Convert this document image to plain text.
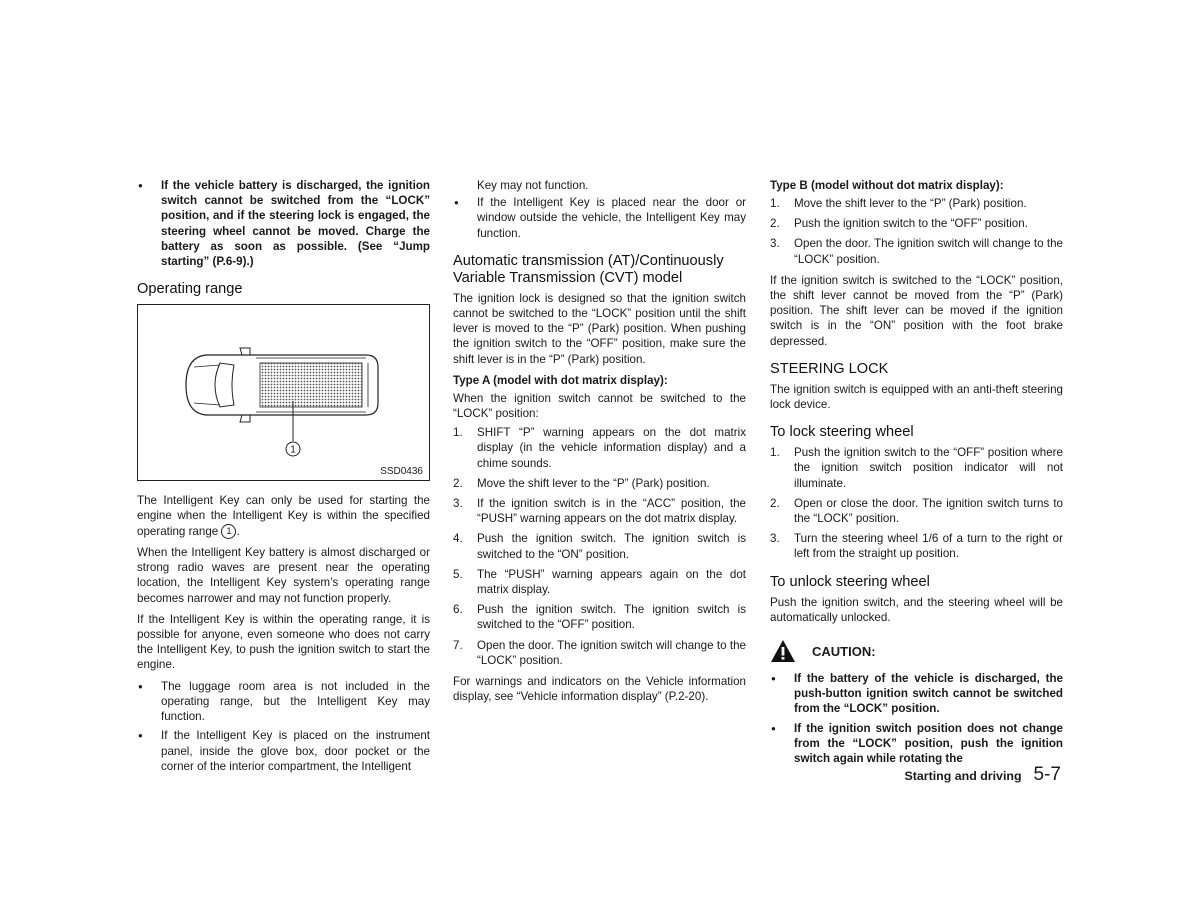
● If the vehicle battery is discharged, the ignition switch cannot be switched from the “LOCK” position, and if the steering lock is engaged, the steering wheel cannot be moved. Charge the battery as soon as possible. (See “Jump starting” (P.6-9).)
Operating range
1
SSD0436

The Intelligent Key can only be used for starting the engine when the Intelligent Key is within the specified operating range 1 .

When the Intelligent Key battery is almost discharged or strong radio waves are present near the operating location, the Intelligent Key system’s operating range becomes narrower and may not function properly.

If the Intelligent Key is within the operating range, it is possible for anyone, even someone who does not carry the Intelligent Key, to push the ignition switch to start the engine.

● The luggage room area is not included in the operating range, but the Intelligent Key may function.
● If the Intelligent Key is placed on the instrument panel, inside the glove box, door pocket or the corner of the interior compartment, the Intelligent
Key may not function.
● If the Intelligent Key is placed near the door or window outside the vehicle, the Intelligent Key may function.
Automatic transmission (AT)/Continuously Variable Transmission (CVT) model

The ignition lock is designed so that the ignition switch cannot be switched to the “LOCK” position until the shift lever is moved to the “P” (Park) position. When pushing the ignition switch to the “OFF” position, make sure the shift lever is in the “P” (Park) position.

Type A (model with dot matrix display):

When the ignition switch cannot be switched to the “LOCK” position:

1. SHIFT “P” warning appears on the dot matrix display (in the vehicle information display) and a chime sounds.
2. Move the shift lever to the “P” (Park) position.
3. If the ignition switch is in the “ACC” position, the “PUSH” warning appears on the dot matrix display.
4. Push the ignition switch. The ignition switch is switched to the “ON” position.
5. The “PUSH” warning appears again on the dot matrix display.
6. Push the ignition switch. The ignition switch is switched to the “OFF” position.
7. Open the door. The ignition switch will change to the “LOCK” position.

For warnings and indicators on the Vehicle information display, see “Vehicle information display” (P.2-20).

Type B (model without dot matrix display):
1. Move the shift lever to the “P” (Park) position.
2. Push the ignition switch to the “OFF” position.
3. Open the door. The ignition switch will change to the “LOCK” position.

If the ignition switch is switched to the “LOCK” position, the shift lever cannot be moved from the “P” (Park) position. The shift lever can be moved if the ignition switch is in the “ON” position with the foot brake depressed.

STEERING LOCK

The ignition switch is equipped with an anti-theft steering lock device.

To lock steering wheel
1. Push the ignition switch to the “OFF” position where the ignition switch position indicator will not illuminate.
2. Open or close the door. The ignition switch turns to the “LOCK” position.
3. Turn the steering wheel 1/6 of a turn to the right or left from the straight up position.
To unlock steering wheel

Push the ignition switch, and the steering wheel will be automatically unlocked.

CAUTION:
● If the battery of the vehicle is discharged, the push-button ignition switch cannot be switched from the “LOCK” position.
● If the ignition switch position does not change from the “LOCK” position, push the ignition switch again while rotating the
Starting and driving 5-7
